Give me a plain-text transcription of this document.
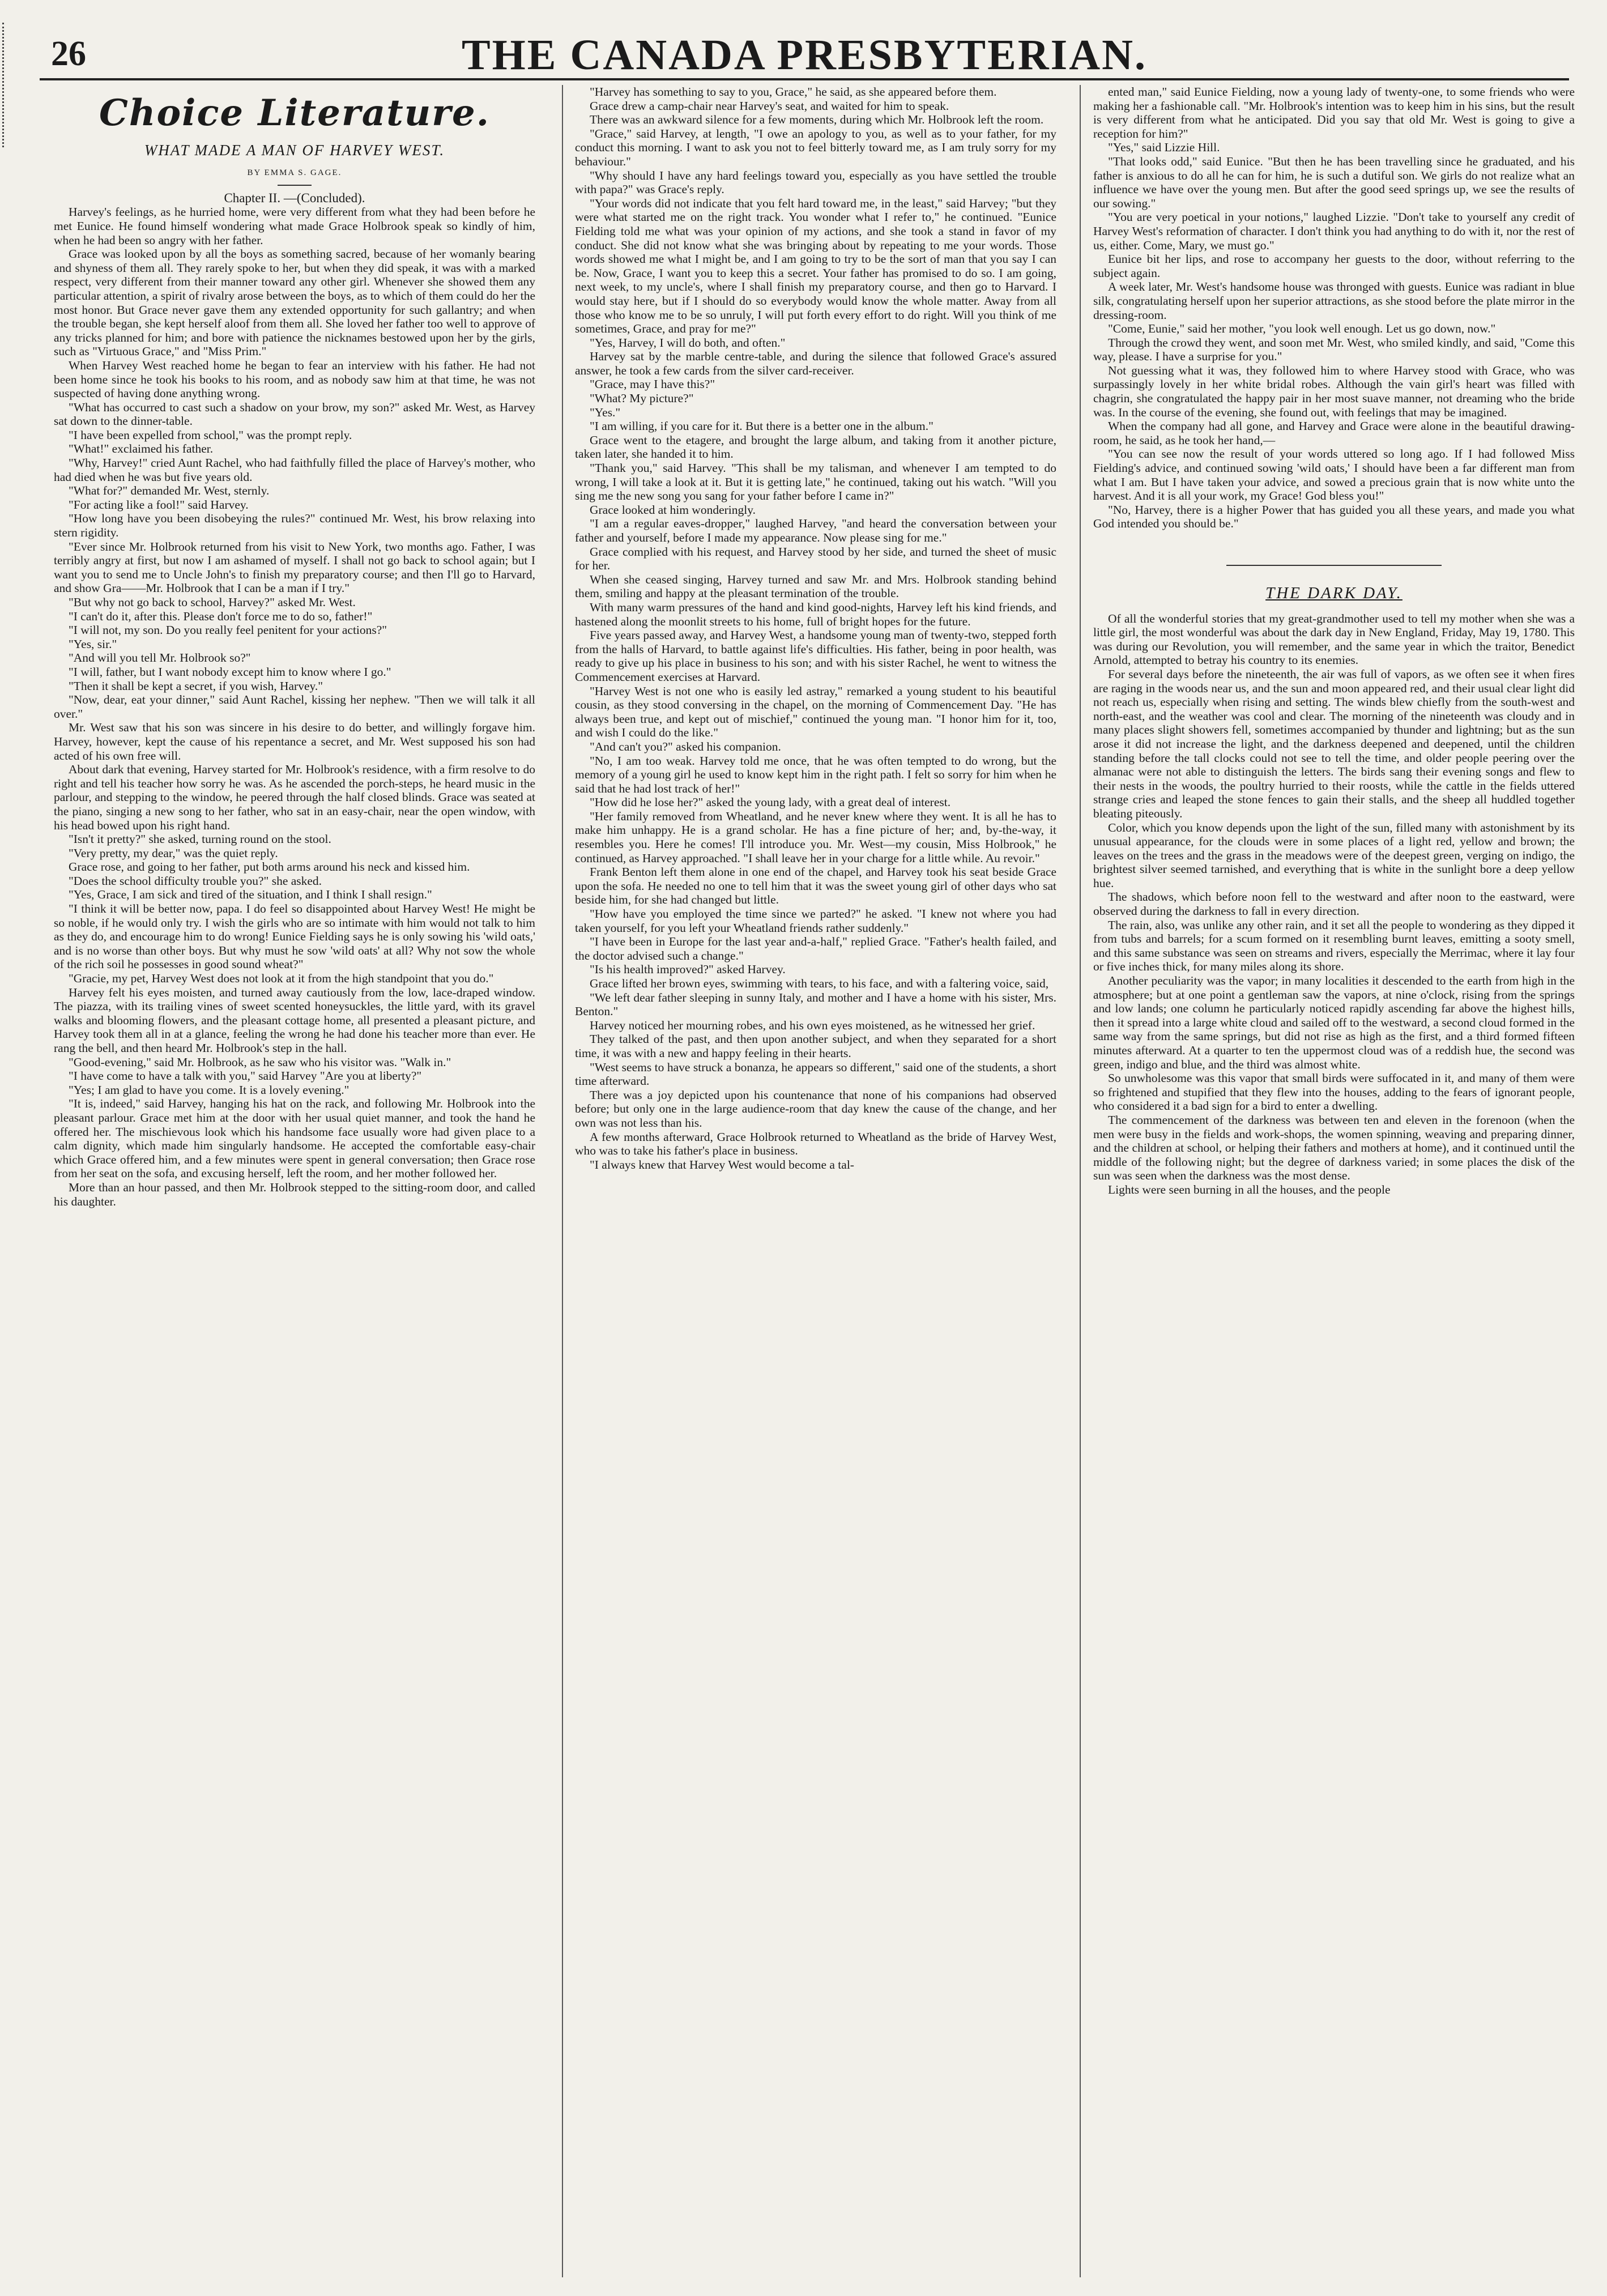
26	THE CANADA PRESBYTERIAN.
Choice Literature.
WHAT MADE A MAN OF HARVEY WEST.
BY EMMA S. GAGE.

Chapter II. —(Concluded).

Harvey's feelings, as he hurried home, were very different from what they had been before he met Eunice. He found himself wondering what made Grace Holbrook speak so kindly of him, when he had been so angry with her father.

Grace was looked upon by all the boys as something sacred, because of her womanly bearing and shyness of them all. They rarely spoke to her, but when they did speak, it was with a marked respect, very different from their manner toward any other girl. Whenever she showed them any particular attention, a spirit of rivalry arose between the boys, as to which of them could do her the most honor. But Grace never gave them any extended opportunity for such gallantry; and when the trouble began, she kept herself aloof from them all. She loved her father too well to approve of any tricks planned for him; and bore with patience the nicknames bestowed upon her by the girls, such as "Virtuous Grace," and "Miss Prim."

When Harvey West reached home he began to fear an interview with his father. He had not been home since he took his books to his room, and as nobody saw him at that time, he was not suspected of having done anything wrong.

"What has occurred to cast such a shadow on your brow, my son?" asked Mr. West, as Harvey sat down to the dinner-table.

"I have been expelled from school," was the prompt reply.

"What!" exclaimed his father.

"Why, Harvey!" cried Aunt Rachel, who had faithfully filled the place of Harvey's mother, who had died when he was but five years old.

"What for?" demanded Mr. West, sternly.

"For acting like a fool!" said Harvey.

"How long have you been disobeying the rules?" continued Mr. West, his brow relaxing into stern rigidity.

"Ever since Mr. Holbrook returned from his visit to New York, two months ago. Father, I was terribly angry at first, but now I am ashamed of myself. I shall not go back to school again; but I want you to send me to Uncle John's to finish my preparatory course; and then I'll go to Harvard, and show Gra——Mr. Holbrook that I can be a man if I try."

"But why not go back to school, Harvey?" asked Mr. West.

"I can't do it, after this. Please don't force me to do so, father!"

"I will not, my son. Do you really feel penitent for your actions?"

"Yes, sir."

"And will you tell Mr. Holbrook so?"

"I will, father, but I want nobody except him to know where I go."

"Then it shall be kept a secret, if you wish, Harvey."

"Now, dear, eat your dinner," said Aunt Rachel, kissing her nephew. "Then we will talk it all over."

Mr. West saw that his son was sincere in his desire to do better, and willingly forgave him. Harvey, however, kept the cause of his repentance a secret, and Mr. West supposed his son had acted of his own free will.

About dark that evening, Harvey started for Mr. Holbrook's residence, with a firm resolve to do right and tell his teacher how sorry he was. As he ascended the porch-steps, he heard music in the parlour, and stepping to the window, he peered through the half closed blinds. Grace was seated at the piano, singing a new song to her father, who sat in an easy-chair, near the open window, with his head bowed upon his right hand.

"Isn't it pretty?" she asked, turning round on the stool.

"Very pretty, my dear," was the quiet reply.

Grace rose, and going to her father, put both arms around his neck and kissed him.

"Does the school difficulty trouble you?" she asked.

"Yes, Grace, I am sick and tired of the situation, and I think I shall resign."

"I think it will be better now, papa. I do feel so disappointed about Harvey West! He might be so noble, if he would only try. I wish the girls who are so intimate with him would not talk to him as they do, and encourage him to do wrong! Eunice Fielding says he is only sowing his 'wild oats,' and is no worse than other boys. But why must he sow 'wild oats' at all? Why not sow the whole of the rich soil he possesses in good sound wheat?"

"Gracie, my pet, Harvey West does not look at it from the high standpoint that you do."

Harvey felt his eyes moisten, and turned away cautiously from the low, lace-draped window. The piazza, with its trailing vines of sweet scented honeysuckles, the little yard, with its gravel walks and blooming flowers, and the pleasant cottage home, all presented a pleasant picture, and Harvey took them all in at a glance, feeling the wrong he had done his teacher more than ever. He rang the bell, and then heard Mr. Holbrook's step in the hall.

"Good-evening," said Mr. Holbrook, as he saw who his visitor was. "Walk in."

"I have come to have a talk with you," said Harvey "Are you at liberty?"

"Yes; I am glad to have you come. It is a lovely evening."

"It is, indeed," said Harvey, hanging his hat on the rack, and following Mr. Holbrook into the pleasant parlour. Grace met him at the door with her usual quiet manner, and took the hand he offered her. The mischievous look which his handsome face usually wore had given place to a calm dignity, which made him singularly handsome. He accepted the comfortable easy-chair which Grace offered him, and a few minutes were spent in general conversation; then Grace rose from her seat on the sofa, and excusing herself, left the room, and her mother followed her.

More than an hour passed, and then Mr. Holbrook stepped to the sitting-room door, and called his daughter.

"Harvey has something to say to you, Grace," he said, as she appeared before them.

Grace drew a camp-chair near Harvey's seat, and waited for him to speak.

There was an awkward silence for a few moments, during which Mr. Holbrook left the room.

"Grace," said Harvey, at length, "I owe an apology to you, as well as to your father, for my conduct this morning. I want to ask you not to feel bitterly toward me, as I am truly sorry for my behaviour."

"Why should I have any hard feelings toward you, especially as you have settled the trouble with papa?" was Grace's reply.

"Your words did not indicate that you felt hard toward me, in the least," said Harvey; "but they were what started me on the right track. You wonder what I refer to," he continued. "Eunice Fielding told me what was your opinion of my actions, and she took a stand in favor of my conduct. She did not know what she was bringing about by repeating to me your words. Those words showed me what I might be, and I am going to try to be the sort of man that you say I can be. Now, Grace, I want you to keep this a secret. Your father has promised to do so. I am going, next week, to my uncle's, where I shall finish my preparatory course, and then go to Harvard. I would stay here, but if I should do so everybody would know the whole matter. Away from all those who know me to be so unruly, I will put forth every effort to do right. Will you think of me sometimes, Grace, and pray for me?"

"Yes, Harvey, I will do both, and often."

Harvey sat by the marble centre-table, and during the silence that followed Grace's assured answer, he took a few cards from the silver card-receiver.

"Grace, may I have this?"

"What? My picture?"

"Yes."

"I am willing, if you care for it. But there is a better one in the album."

Grace went to the etagere, and brought the large album, and taking from it another picture, taken later, she handed it to him.

"Thank you," said Harvey. "This shall be my talisman, and whenever I am tempted to do wrong, I will take a look at it. But it is getting late," he continued, taking out his watch. "Will you sing me the new song you sang for your father before I came in?"

Grace looked at him wonderingly.

"I am a regular eaves-dropper," laughed Harvey, "and heard the conversation between your father and yourself, before I made my appearance. Now please sing for me."

Grace complied with his request, and Harvey stood by her side, and turned the sheet of music for her.

When she ceased singing, Harvey turned and saw Mr. and Mrs. Holbrook standing behind them, smiling and happy at the pleasant termination of the trouble.

With many warm pressures of the hand and kind good-nights, Harvey left his kind friends, and hastened along the moonlit streets to his home, full of bright hopes for the future.

Five years passed away, and Harvey West, a handsome young man of twenty-two, stepped forth from the halls of Harvard, to battle against life's difficulties. His father, being in poor health, was ready to give up his place in business to his son; and with his sister Rachel, he went to witness the Commencement exercises at Harvard.

"Harvey West is not one who is easily led astray," remarked a young student to his beautiful cousin, as they stood conversing in the chapel, on the morning of Commencement Day. "He has always been true, and kept out of mischief," continued the young man. "I honor him for it, too, and wish I could do the like."

"And can't you?" asked his companion.

"No, I am too weak. Harvey told me once, that he was often tempted to do wrong, but the memory of a young girl he used to know kept him in the right path. I felt so sorry for him when he said that he had lost track of her!"

"How did he lose her?" asked the young lady, with a great deal of interest.

"Her family removed from Wheatland, and he never knew where they went. It is all he has to make him unhappy. He is a grand scholar. He has a fine picture of her; and, by-the-way, it resembles you. Here he comes! I'll introduce you. Mr. West—my cousin, Miss Holbrook," he continued, as Harvey approached. "I shall leave her in your charge for a little while. Au revoir."

Frank Benton left them alone in one end of the chapel, and Harvey took his seat beside Grace upon the sofa. He needed no one to tell him that it was the sweet young girl of other days who sat beside him, for she had changed but little.

"How have you employed the time since we parted?" he asked. "I knew not where you had taken yourself, for you left your Wheatland friends rather suddenly."

"I have been in Europe for the last year and-a-half," replied Grace. "Father's health failed, and the doctor advised such a change."

"Is his health improved?" asked Harvey.

Grace lifted her brown eyes, swimming with tears, to his face, and with a faltering voice, said,

"We left dear father sleeping in sunny Italy, and mother and I have a home with his sister, Mrs. Benton."

Harvey noticed her mourning robes, and his own eyes moistened, as he witnessed her grief.

They talked of the past, and then upon another subject, and when they separated for a short time, it was with a new and happy feeling in their hearts.

"West seems to have struck a bonanza, he appears so different," said one of the students, a short time afterward.

There was a joy depicted upon his countenance that none of his companions had observed before; but only one in the large audience-room that day knew the cause of the change, and her own was not less than his.

A few months afterward, Grace Holbrook returned to Wheatland as the bride of Harvey West, who was to take his father's place in business.

"I always knew that Harvey West would become a tal-

ented man," said Eunice Fielding, now a young lady of twenty-one, to some friends who were making her a fashionable call. "Mr. Holbrook's intention was to keep him in his sins, but the result is very different from what he anticipated. Did you say that old Mr. West is going to give a reception for him?"

"Yes," said Lizzie Hill.

"That looks odd," said Eunice. "But then he has been travelling since he graduated, and his father is anxious to do all he can for him, he is such a dutiful son. We girls do not realize what an influence we have over the young men. But after the good seed springs up, we see the results of our sowing."

"You are very poetical in your notions," laughed Lizzie. "Don't take to yourself any credit of Harvey West's reformation of character. I don't think you had anything to do with it, nor the rest of us, either. Come, Mary, we must go."

Eunice bit her lips, and rose to accompany her guests to the door, without referring to the subject again.

A week later, Mr. West's handsome house was thronged with guests. Eunice was radiant in blue silk, congratulating herself upon her superior attractions, as she stood before the plate mirror in the dressing-room.

"Come, Eunie," said her mother, "you look well enough. Let us go down, now."

Through the crowd they went, and soon met Mr. West, who smiled kindly, and said, "Come this way, please. I have a surprise for you."

Not guessing what it was, they followed him to where Harvey stood with Grace, who was surpassingly lovely in her white bridal robes. Although the vain girl's heart was filled with chagrin, she congratulated the happy pair in her most suave manner, not dreaming who the bride was. In the course of the evening, she found out, with feelings that may be imagined.

When the company had all gone, and Harvey and Grace were alone in the beautiful drawing-room, he said, as he took her hand,—

"You can see now the result of your words uttered so long ago. If I had followed Miss Fielding's advice, and continued sowing 'wild oats,' I should have been a far different man from what I am. But I have taken your advice, and sowed a precious grain that is now white unto the harvest. And it is all your work, my Grace! God bless you!"

"No, Harvey, there is a higher Power that has guided you all these years, and made you what God intended you should be."

THE DARK DAY.

Of all the wonderful stories that my great-grandmother used to tell my mother when she was a little girl, the most wonderful was about the dark day in New England, Friday, May 19, 1780. This was during our Revolution, you will remember, and the same year in which the traitor, Benedict Arnold, attempted to betray his country to its enemies.

For several days before the nineteenth, the air was full of vapors, as we often see it when fires are raging in the woods near us, and the sun and moon appeared red, and their usual clear light did not reach us, especially when rising and setting. The winds blew chiefly from the south-west and north-east, and the weather was cool and clear. The morning of the nineteenth was cloudy and in many places slight showers fell, sometimes accompanied by thunder and lightning; but as the sun arose it did not increase the light, and the darkness deepened and deepened, until the children standing before the tall clocks could not see to tell the time, and older people peering over the almanac were not able to distinguish the letters. The birds sang their evening songs and flew to their nests in the woods, the poultry hurried to their roosts, while the cattle in the fields uttered strange cries and leaped the stone fences to gain their stalls, and the sheep all huddled together bleating piteously.

Color, which you know depends upon the light of the sun, filled many with astonishment by its unusual appearance, for the clouds were in some places of a light red, yellow and brown; the leaves on the trees and the grass in the meadows were of the deepest green, verging on indigo, the brightest silver seemed tarnished, and everything that is white in the sunlight bore a deep yellow hue.

The shadows, which before noon fell to the westward and after noon to the eastward, were observed during the darkness to fall in every direction.

The rain, also, was unlike any other rain, and it set all the people to wondering as they dipped it from tubs and barrels; for a scum formed on it resembling burnt leaves, emitting a sooty smell, and this same substance was seen on streams and rivers, especially the Merrimac, where it lay four or five inches thick, for many miles along its shore.

Another peculiarity was the vapor; in many localities it descended to the earth from high in the atmosphere; but at one point a gentleman saw the vapors, at nine o'clock, rising from the springs and low lands; one column he particularly noticed rapidly ascending far above the highest hills, then it spread into a large white cloud and sailed off to the westward, a second cloud formed in the same way from the same springs, but did not rise as high as the first, and a third formed fifteen minutes afterward. At a quarter to ten the uppermost cloud was of a reddish hue, the second was green, indigo and blue, and the third was almost white.

So unwholesome was this vapor that small birds were suffocated in it, and many of them were so frightened and stupified that they flew into the houses, adding to the fears of ignorant people, who considered it a bad sign for a bird to enter a dwelling.

The commencement of the darkness was between ten and eleven in the forenoon (when the men were busy in the fields and work-shops, the women spinning, weaving and preparing dinner, and the children at school, or helping their fathers and mothers at home), and it continued until the middle of the following night; but the degree of darkness varied; in some places the disk of the sun was seen when the darkness was the most dense.

Lights were seen burning in all the houses, and the people
